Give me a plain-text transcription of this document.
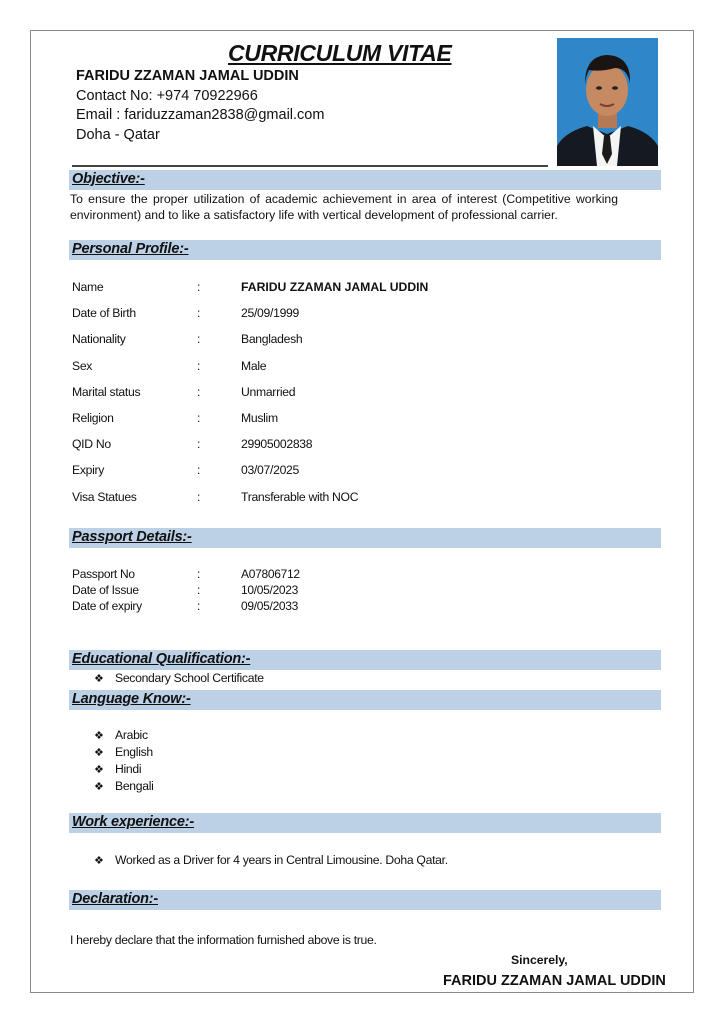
CURRICULUM VITAE
FARIDU ZZAMAN JAMAL UDDIN
Contact No: +974 70922966
Email : fariduzzaman2838@gmail.com
Doha - Qatar
Objective:-
To ensure the proper utilization of academic achievement in area of interest (Competitive working environment) and to like a satisfactory life with vertical development of professional carrier.
Personal Profile:-
Name	:	FARIDU ZZAMAN JAMAL UDDIN
Date of Birth	:	25/09/1999
Nationality	:	Bangladesh
Sex	:	Male
Marital status	:	Unmarried
Religion	:	Muslim
QID No	:	29905002838
Expiry	:	03/07/2025
Visa Statues	:	Transferable with NOC
Passport Details:-
Passport No	:	A07806712
Date of Issue	:	10/05/2023
Date of expiry	:	09/05/2033
Educational Qualification:-
❖ Secondary School Certificate
Language Know:-
❖ Arabic
❖ English
❖ Hindi
❖ Bengali
Work experience:-
❖ Worked as a Driver for 4 years in Central Limousine. Doha Qatar.
Declaration:-
I hereby declare that the information furnished above is true.
Sincerely,
FARIDU ZZAMAN JAMAL UDDIN
